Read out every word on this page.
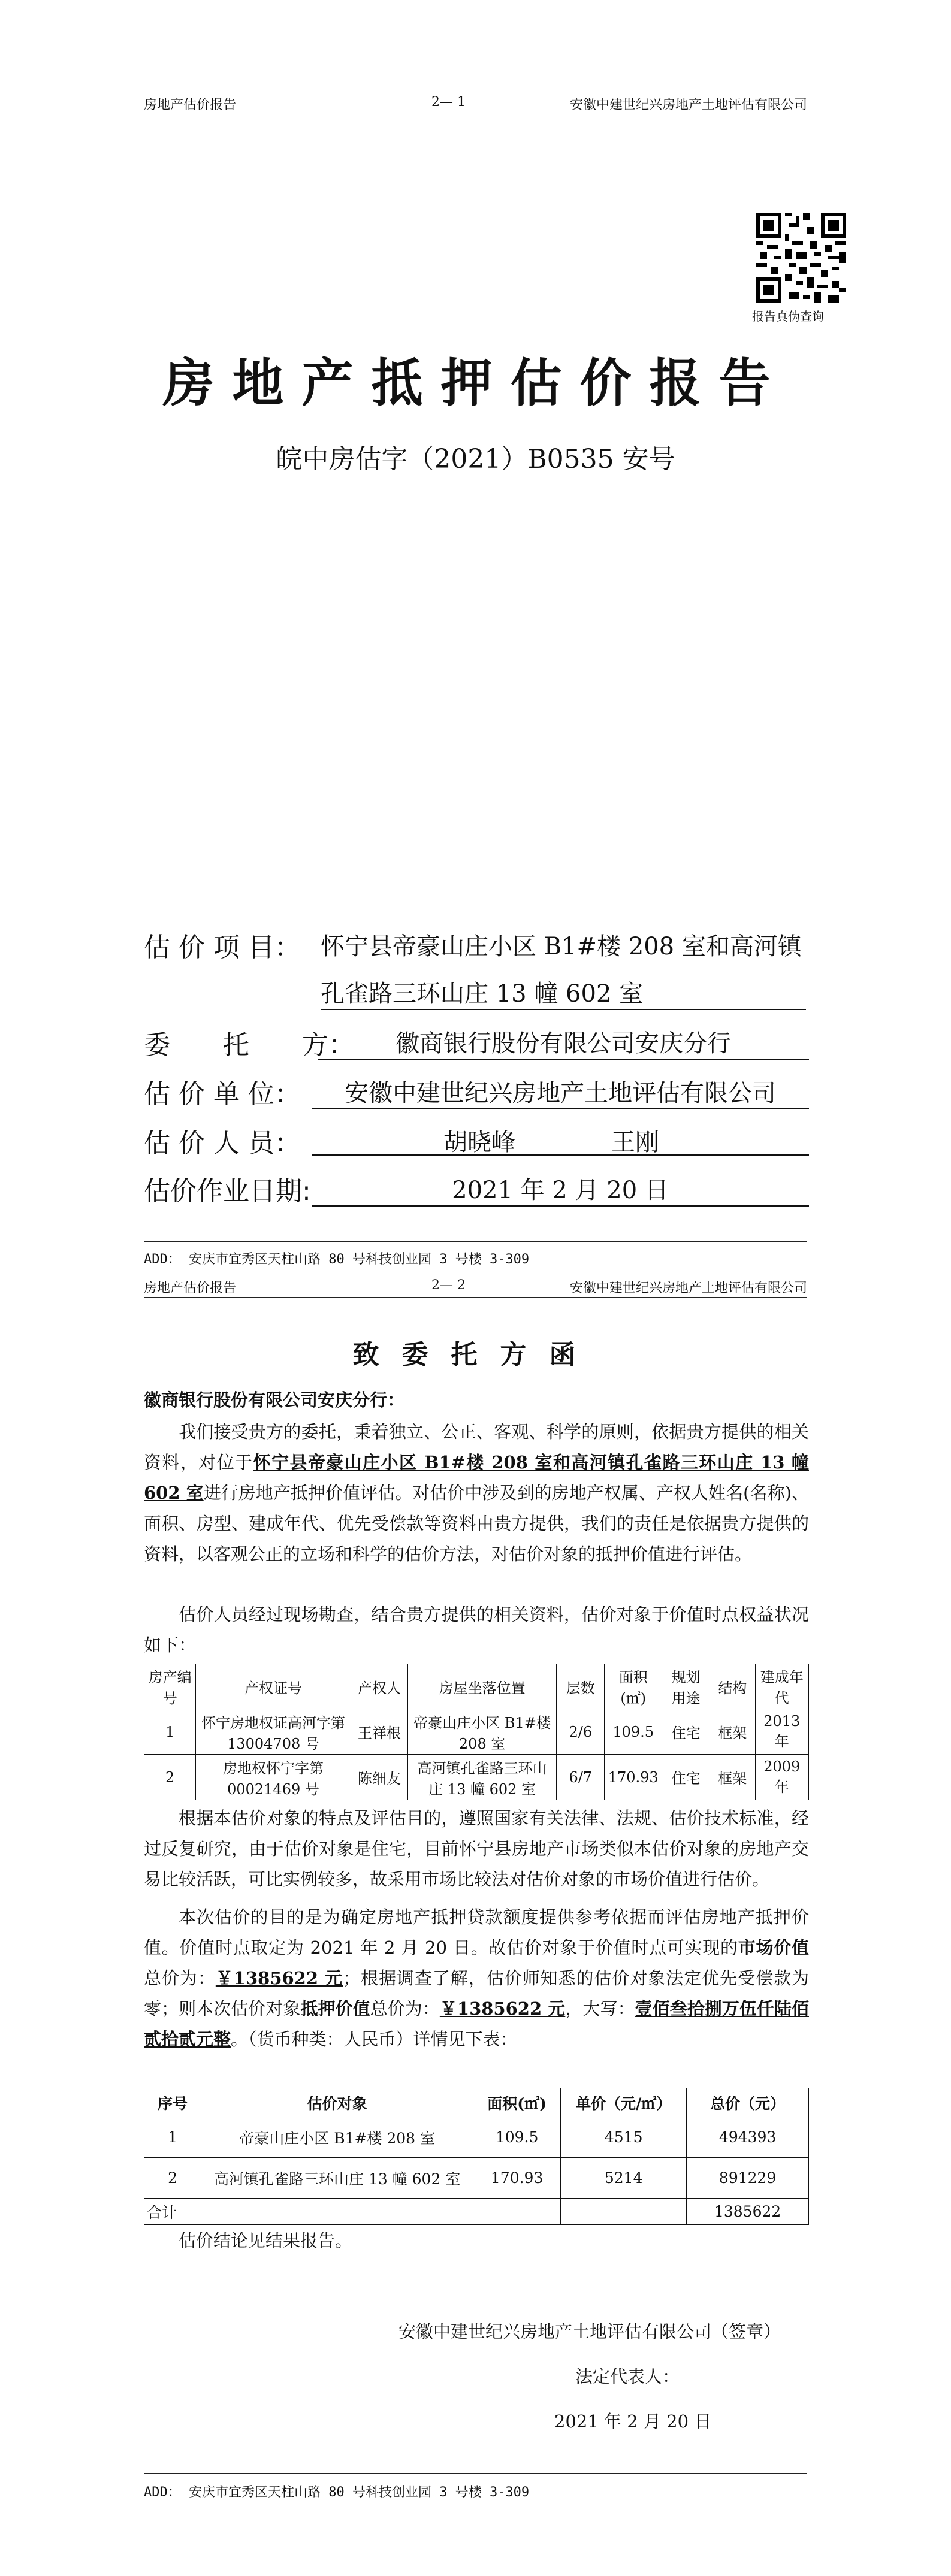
房地产估价报告	2— 1	安徽中建世纪兴房地产土地评估有限公司
报告真伪查询
房地产抵押估价报告
皖中房估字（2021）B0535 安号
估 价 项 目： 怀宁县帝豪山庄小区 B1#楼 208 室和高河镇
孔雀路三环山庄 13 幢 602 室
委　　托　　方：	徽商银行股份有限公司安庆分行
估 价 单 位：	安徽中建世纪兴房地产土地评估有限公司
估 价 人 员：	胡晓峰	王刚
估价作业日期:	2021 年 2 月 20 日
ADD： 安庆市宜秀区天柱山路 80 号科技创业园 3 号楼 3-309
房地产估价报告	2— 2	安徽中建世纪兴房地产土地评估有限公司
致委托方函
徽商银行股份有限公司安庆分行：
我们接受贵方的委托，秉着独立、公正、客观、科学的原则，依据贵方提供的相关资料，对位于怀宁县帝豪山庄小区 B1#楼 208 室和高河镇孔雀路三环山庄 13 幢 602 室进行房地产抵押价值评估。对估价中涉及到的房地产权属、产权人姓名(名称)、面积、房型、建成年代、优先受偿款等资料由贵方提供，我们的责任是依据贵方提供的资料，以客观公正的立场和科学的估价方法，对估价对象的抵押价值进行评估。
估价人员经过现场勘查，结合贵方提供的相关资料，估价对象于价值时点权益状况如下：
房产编号	产权证号	产权人	房屋坐落位置	层数	面积(㎡)	规划用途	结构	建成年代
1	怀宁房地权证高河字第 13004708 号	王祥根	帝豪山庄小区 B1#楼 208 室	2/6	109.5	住宅	框架	2013 年
2	房地权怀宁字第 00021469 号	陈细友	高河镇孔雀路三环山庄 13 幢 602 室	6/7	170.93	住宅	框架	2009 年
根据本估价对象的特点及评估目的，遵照国家有关法律、法规、估价技术标准，经过反复研究，由于估价对象是住宅，目前怀宁县房地产市场类似本估价对象的房地产交易比较活跃，可比实例较多，故采用市场比较法对估价对象的市场价值进行估价。
本次估价的目的是为确定房地产抵押贷款额度提供参考依据而评估房地产抵押价值。价值时点取定为 2021 年 2 月 20 日。故估价对象于价值时点可实现的市场价值总价为：￥1385622 元；根据调查了解，估价师知悉的估价对象法定优先受偿款为零；则本次估价对象抵押价值总价为：￥1385622 元，大写：壹佰叁拾捌万伍仟陆佰贰拾贰元整。（货币种类：人民币）详情见下表：
序号	估价对象	面积(㎡)	单价（元/㎡）	总价（元）
1	帝豪山庄小区 B1#楼 208 室	109.5	4515	494393
2	高河镇孔雀路三环山庄 13 幢 602 室	170.93	5214	891229
合计				1385622
估价结论见结果报告。
安徽中建世纪兴房地产土地评估有限公司（签章）
法定代表人：
2021 年 2 月 20 日
ADD： 安庆市宜秀区天柱山路 80 号科技创业园 3 号楼 3-309
